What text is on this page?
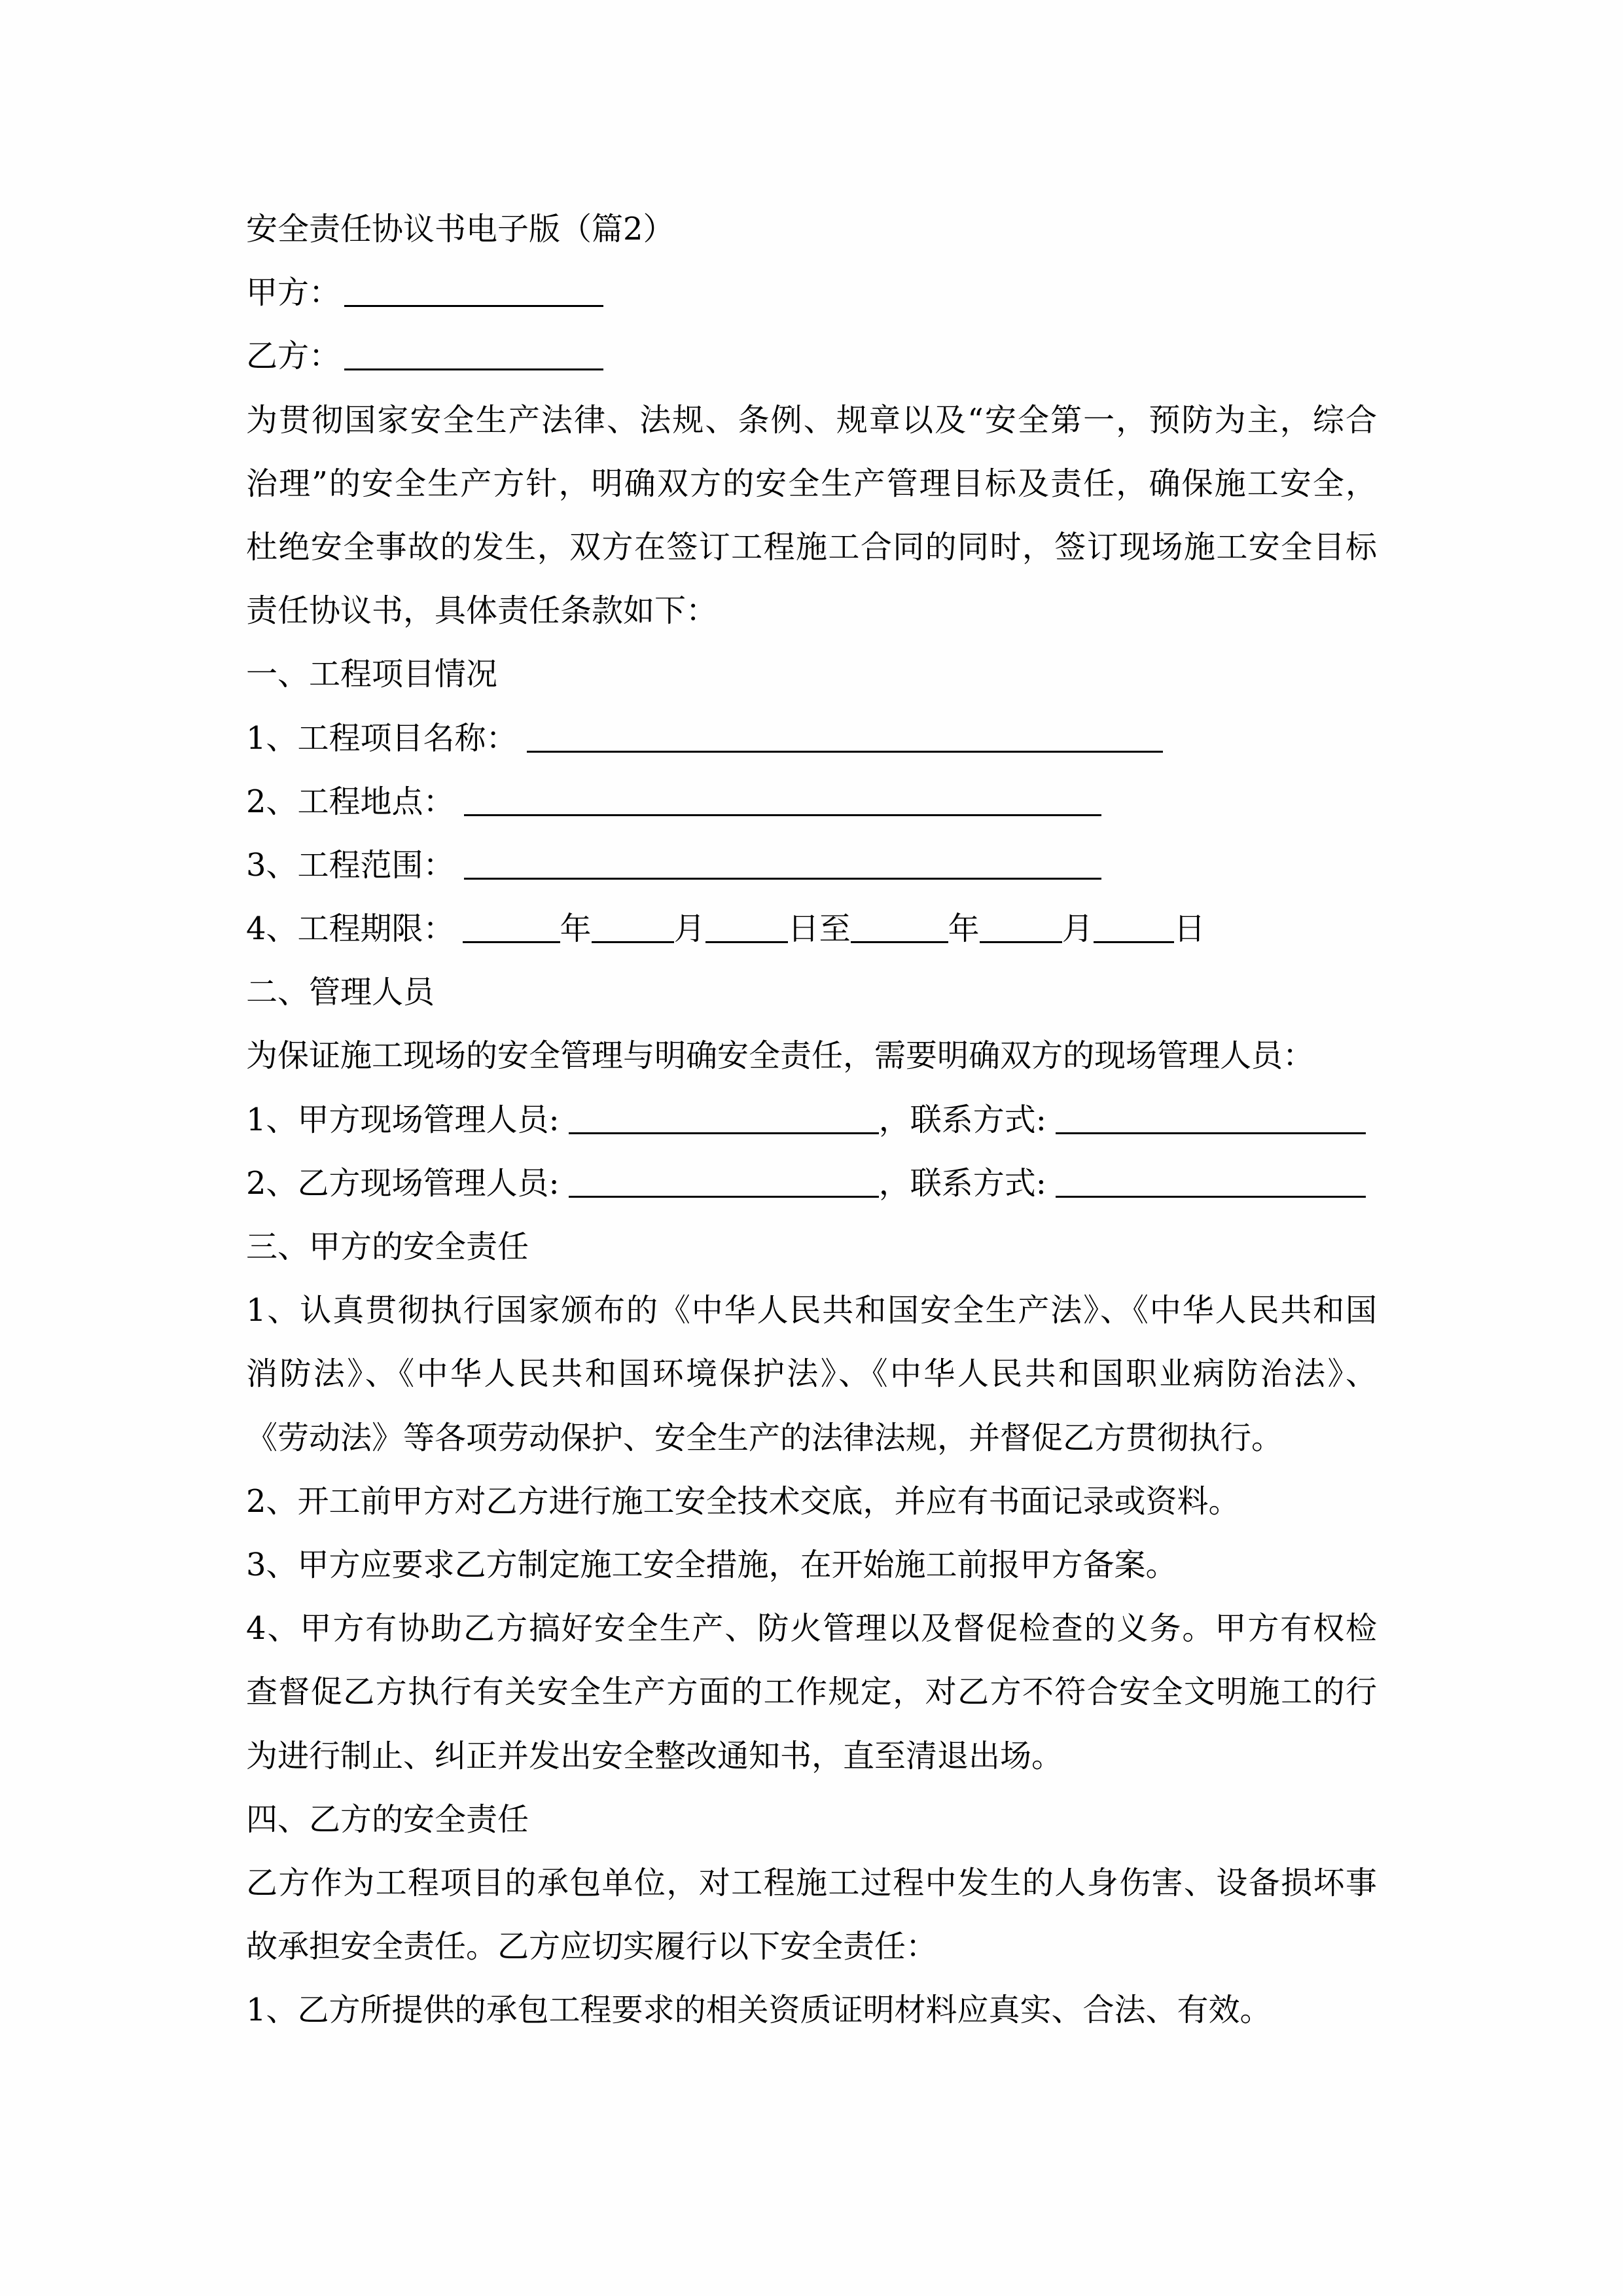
安全责任协议书电子版（篇2）
甲方：
乙方：
为贯彻国家安全生产法律、法规、条例、规章以及“安全第一，预防为主，综合
治理”的安全生产方针，明确双方的安全生产管理目标及责任，确保施工安全，
杜绝安全事故的发生，双方在签订工程施工合同的同时，签订现场施工安全目标
责任协议书，具体责任条款如下：
一、工程项目情况
1、工程项目名称：
2、工程地点：
3、工程范围：
4、工程期限：	年	月	日至	年	月	日
二、管理人员
为保证施工现场的安全管理与明确安全责任，需要明确双方的现场管理人员：
1、甲方现场管理人员:	，联系方式:
2、乙方现场管理人员:	，联系方式:
三、甲方的安全责任
1、认真贯彻执行国家颁布的《中华人民共和国安全生产法》、《中华人民共和国
消防法》、《中华人民共和国环境保护法》、《中华人民共和国职业病防治法》、
《劳动法》等各项劳动保护、安全生产的法律法规，并督促乙方贯彻执行。
2、开工前甲方对乙方进行施工安全技术交底，并应有书面记录或资料。
3、甲方应要求乙方制定施工安全措施，在开始施工前报甲方备案。
4、甲方有协助乙方搞好安全生产、防火管理以及督促检查的义务。甲方有权检
查督促乙方执行有关安全生产方面的工作规定，对乙方不符合安全文明施工的行
为进行制止、纠正并发出安全整改通知书，直至清退出场。
四、乙方的安全责任
乙方作为工程项目的承包单位，对工程施工过程中发生的人身伤害、设备损坏事
故承担安全责任。乙方应切实履行以下安全责任：
1、乙方所提供的承包工程要求的相关资质证明材料应真实、合法、有效。
